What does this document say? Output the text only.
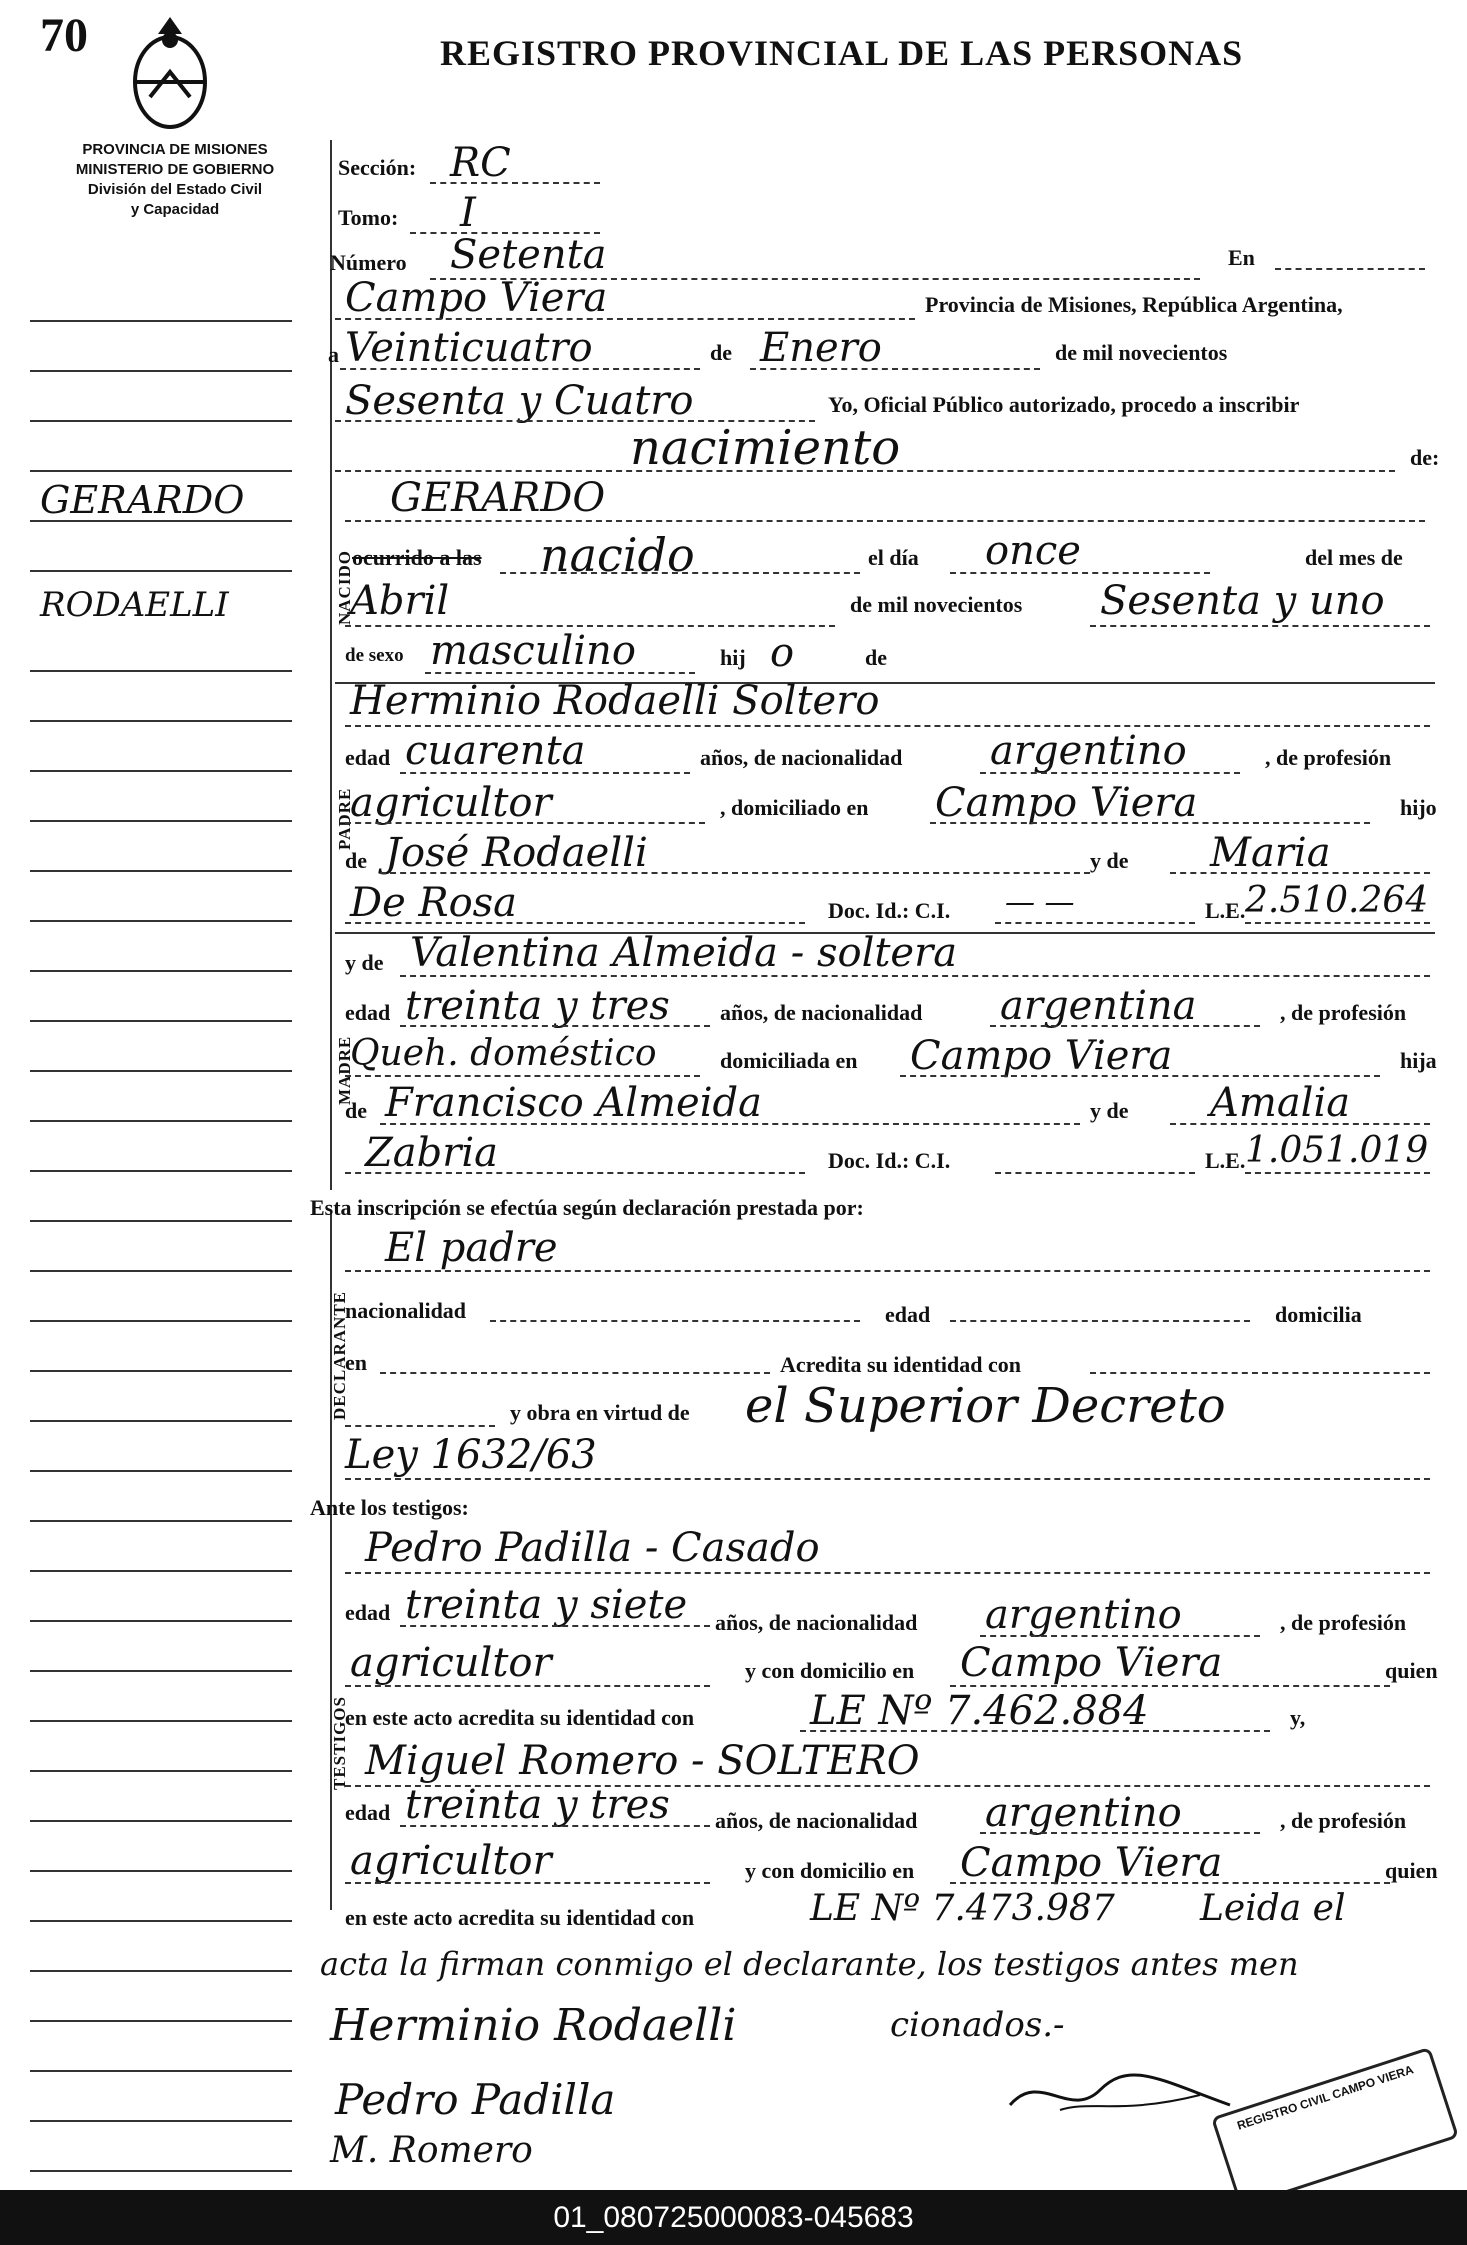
70	REGISTRO PROVINCIAL DE LAS PERSONAS
PROVINCIA DE MISIONES
MINISTERIO DE GOBIERNO
División del Estado Civil
y Capacidad
GERARDO
RODAELLI
Sección: RC
Tomo: I
Número Setenta	En
Campo Viera	Provincia de Misiones, República Argentina,
a Veinticuatro	de Enero	de mil novecientos
Sesenta y Cuatro	Yo, Oficial Público autorizado, procedo a inscribir
nacimiento	de:
NACIDO
GERARDO
ocurrido a las nacido	el día once	del mes de
Abril	de mil novecientos Sesenta y uno
de sexo masculino	hij o	de
PADRE
Herminio Rodaelli Soltero
edad cuarenta	años, de nacionalidad argentino	, de profesión
agricultor	, domiciliado en Campo Viera	hijo
de José Rodaelli	y de Maria
De Rosa	Doc. Id.: C.I. — —	L.E. 2.510.264
MADRE
y de Valentina Almeida - soltera
edad treinta y tres años, de nacionalidad argentina	, de profesión
Queh. doméstico	domiciliada en Campo Viera	hija
de Francisco Almeida	y de Amalia
Zabria	Doc. Id.: C.I.	L.E. 1.051.019
Esta inscripción se efectúa según declaración prestada por:
DECLARANTE
El padre
nacionalidad	edad	domicilia
en	Acredita su identidad con
y obra en virtud de el Superior Decreto
Ley 1632/63
Ante los testigos:
TESTIGOS
Pedro Padilla - Casado
edad treinta y siete años, de nacionalidad argentino	, de profesión
agricultor	y con domicilio en Campo Viera	quien
en este acto acredita su identidad con	LE Nº 7.462.884	y,
Miguel Romero - SOLTERO
edad treinta y tres años, de nacionalidad argentino	, de profesión
agricultor	y con domicilio en Campo Viera	quien
en este acto acredita su identidad con	LE Nº 7.473.987 Leida el
acta la firman conmigo el declarante, los testigos antes men
Herminio Rodaelli	cionados.-
Pedro Padilla
M. Romero
REGISTRO CIVIL CAMPO VIERA
01_080725000083-045683
